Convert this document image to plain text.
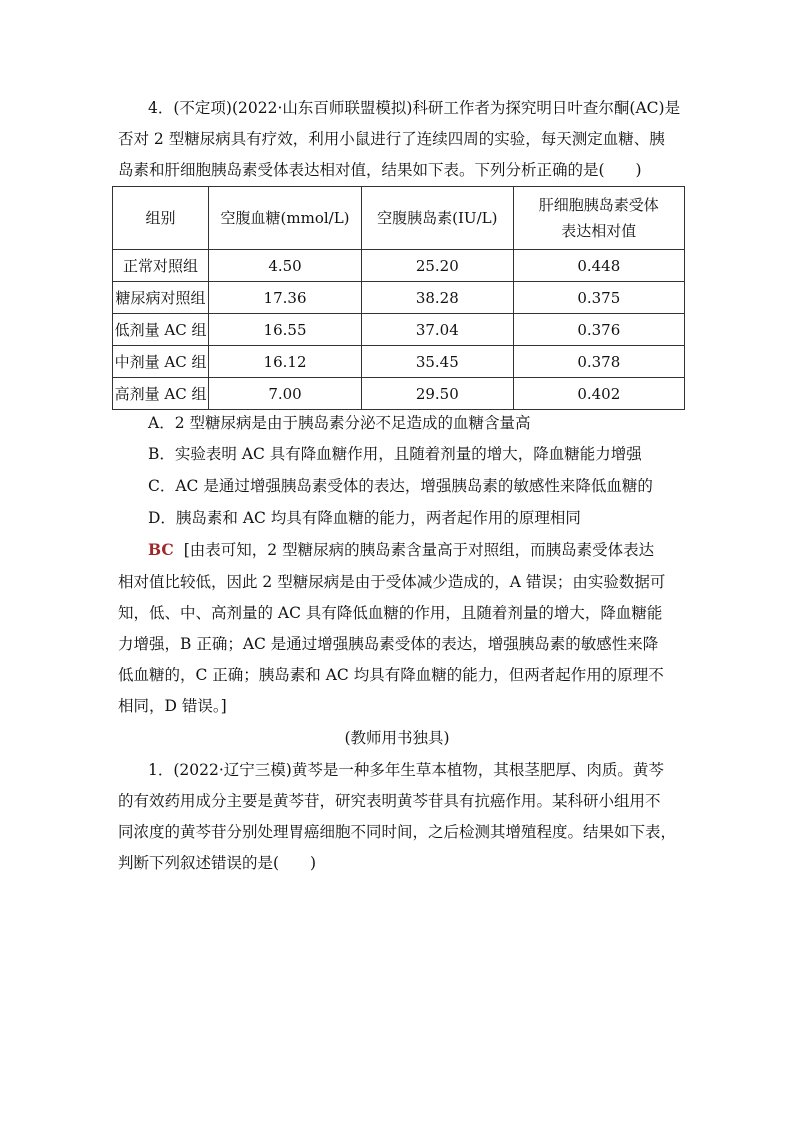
4．(不定项)(2022·山东百师联盟模拟)科研工作者为探究明日叶查尔酮(AC)是
否对 2 型糖尿病具有疗效，利用小鼠进行了连续四周的实验，每天测定血糖、胰
岛素和肝细胞胰岛素受体表达相对值，结果如下表。下列分析正确的是(　　)
组别	空腹血糖(mmol/L)	空腹胰岛素(IU/L)	肝细胞胰岛素受体
表达相对值

正常对照组	4.50	25.20	0.448
糖尿病对照组	17.36	38.28	0.375
低剂量 AC 组	16.55	37.04	0.376
中剂量 AC 组	16.12	35.45	0.378
高剂量 AC 组	7.00	29.50	0.402
A．2 型糖尿病是由于胰岛素分泌不足造成的血糖含量高
B．实验表明 AC 具有降血糖作用，且随着剂量的增大，降血糖能力增强
C．AC 是通过增强胰岛素受体的表达，增强胰岛素的敏感性来降低血糖的
D．胰岛素和 AC 均具有降血糖的能力，两者起作用的原理相同
BC [由表可知，2 型糖尿病的胰岛素含量高于对照组，而胰岛素受体表达
相对值比较低，因此 2 型糖尿病是由于受体减少造成的，A 错误；由实验数据可
知，低、中、高剂量的 AC 具有降低血糖的作用，且随着剂量的增大，降血糖能
力增强，B 正确；AC 是通过增强胰岛素受体的表达，增强胰岛素的敏感性来降
低血糖的，C 正确；胰岛素和 AC 均具有降血糖的能力，但两者起作用的原理不
相同，D 错误。]
(教师用书独具)
1．(2022·辽宁三模)黄芩是一种多年生草本植物，其根茎肥厚、肉质。黄芩
的有效药用成分主要是黄芩苷，研究表明黄芩苷具有抗癌作用。某科研小组用不
同浓度的黄芩苷分别处理胃癌细胞不同时间，之后检测其增殖程度。结果如下表，
判断下列叙述错误的是(　　)
